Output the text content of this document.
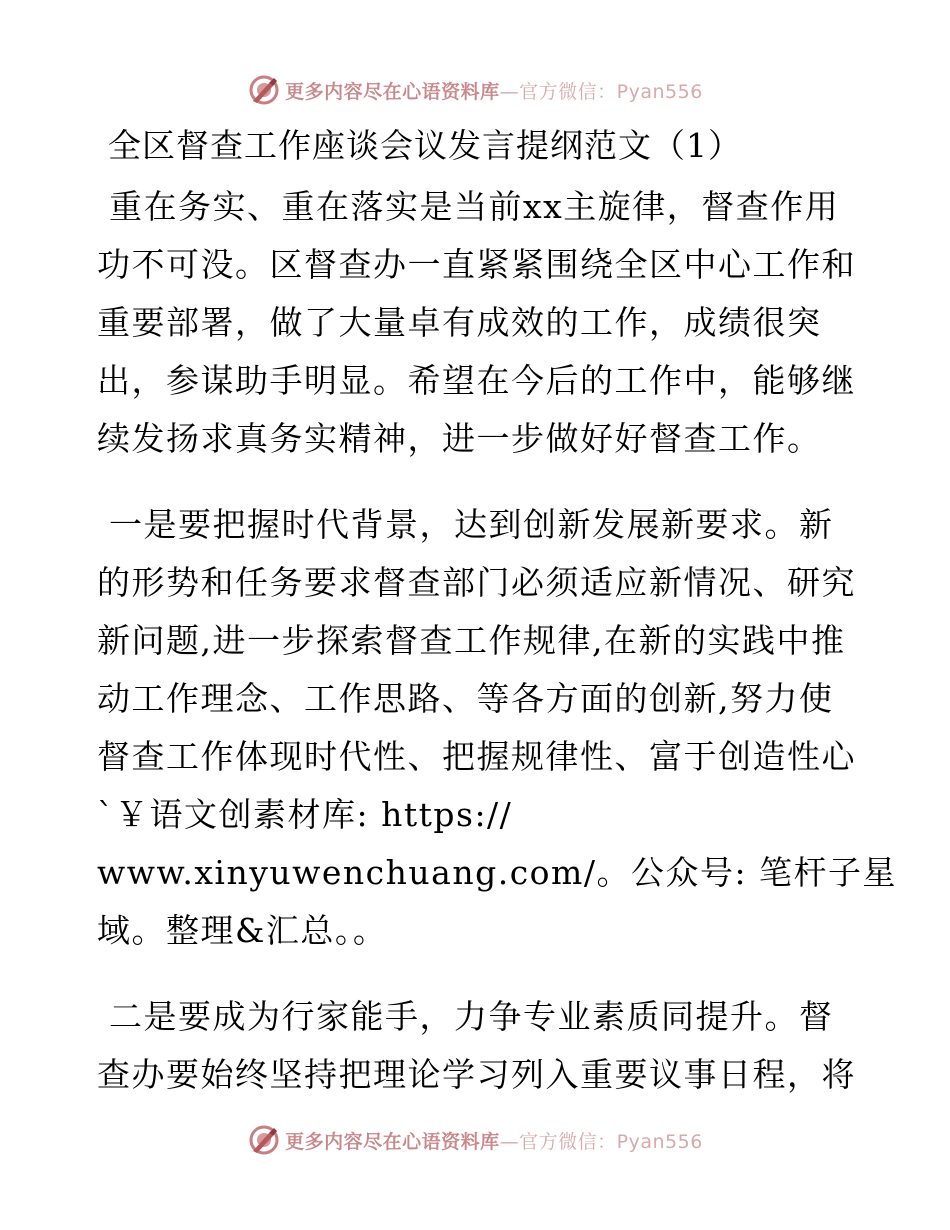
更多内容尽在心语资料库—官方微信：Pyan556
全区督查工作座谈会议发言提纲范文（1）
重在务实、重在落实是当前xx主旋律，督查作用
功不可没。区督查办一直紧紧围绕全区中心工作和
重要部署，做了大量卓有成效的工作，成绩很突
出，参谋助手明显。希望在今后的工作中，能够继
续发扬求真务实精神，进一步做好好督查工作。
一是要把握时代背景，达到创新发展新要求。新
的形势和任务要求督查部门必须适应新情况、研究
新问题,进一步探索督查工作规律,在新的实践中推
动工作理念、工作思路、等各方面的创新,努力使
督查工作体现时代性、把握规律性、富于创造性心
`￥语文创素材库: https://
www.xinyuwenchuang.com/。公众号: 笔杆子星
域。整理&汇总。。
二是要成为行家能手，力争专业素质同提升。督
查办要始终坚持把理论学习列入重要议事日程，将
更多内容尽在心语资料库—官方微信：Pyan556
